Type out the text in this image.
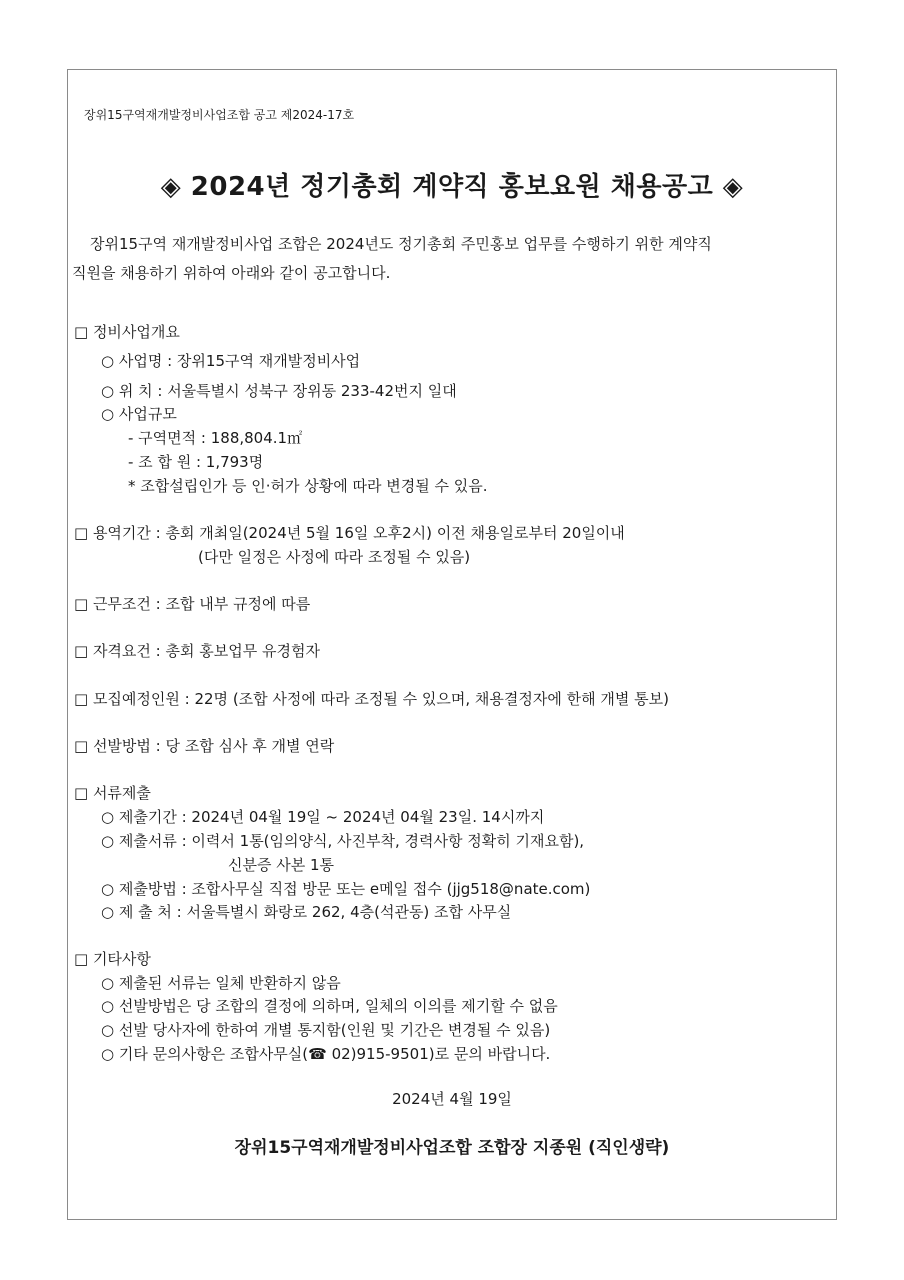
장위15구역재개발정비사업조합 공고 제2024-17호
◈ 2024년 정기총회 계약직 홍보요원 채용공고 ◈
장위15구역 재개발정비사업 조합은 2024년도 정기총회 주민홍보 업무를 수행하기 위한 계약직
직원을 채용하기 위하여 아래와 같이 공고합니다.
□ 정비사업개요
○ 사업명 : 장위15구역 재개발정비사업
○ 위 치 : 서울특별시 성북구 장위동 233-42번지 일대
○ 사업규모
- 구역면적 : 188,804.1㎡
- 조 합 원 : 1,793명
* 조합설립인가 등 인·허가 상황에 따라 변경될 수 있음.
□ 용역기간 : 총회 개최일(2024년 5월 16일 오후2시) 이전 채용일로부터 20일이내
(다만 일정은 사정에 따라 조정될 수 있음)
□ 근무조건 : 조합 내부 규정에 따름
□ 자격요건 : 총회 홍보업무 유경험자
□ 모집예정인원 : 22명 (조합 사정에 따라 조정될 수 있으며, 채용결정자에 한해 개별 통보)
□ 선발방법 : 당 조합 심사 후 개별 연락
□ 서류제출
○ 제출기간 : 2024년 04월 19일 ~ 2024년 04월 23일. 14시까지
○ 제출서류 : 이력서 1통(임의양식, 사진부착, 경력사항 정확히 기재요함),
신분증 사본 1통
○ 제출방법 : 조합사무실 직접 방문 또는 e메일 접수 (jjg518@nate.com)
○ 제 출 처 : 서울특별시 화랑로 262, 4층(석관동) 조합 사무실
□ 기타사항
○ 제출된 서류는 일체 반환하지 않음
○ 선발방법은 당 조합의 결정에 의하며, 일체의 이의를 제기할 수 없음
○ 선발 당사자에 한하여 개별 통지함(인원 및 기간은 변경될 수 있음)
○ 기타 문의사항은 조합사무실(☎ 02)915-9501)로 문의 바랍니다.
2024년 4월 19일
장위15구역재개발정비사업조합 조합장 지종원 (직인생략)
